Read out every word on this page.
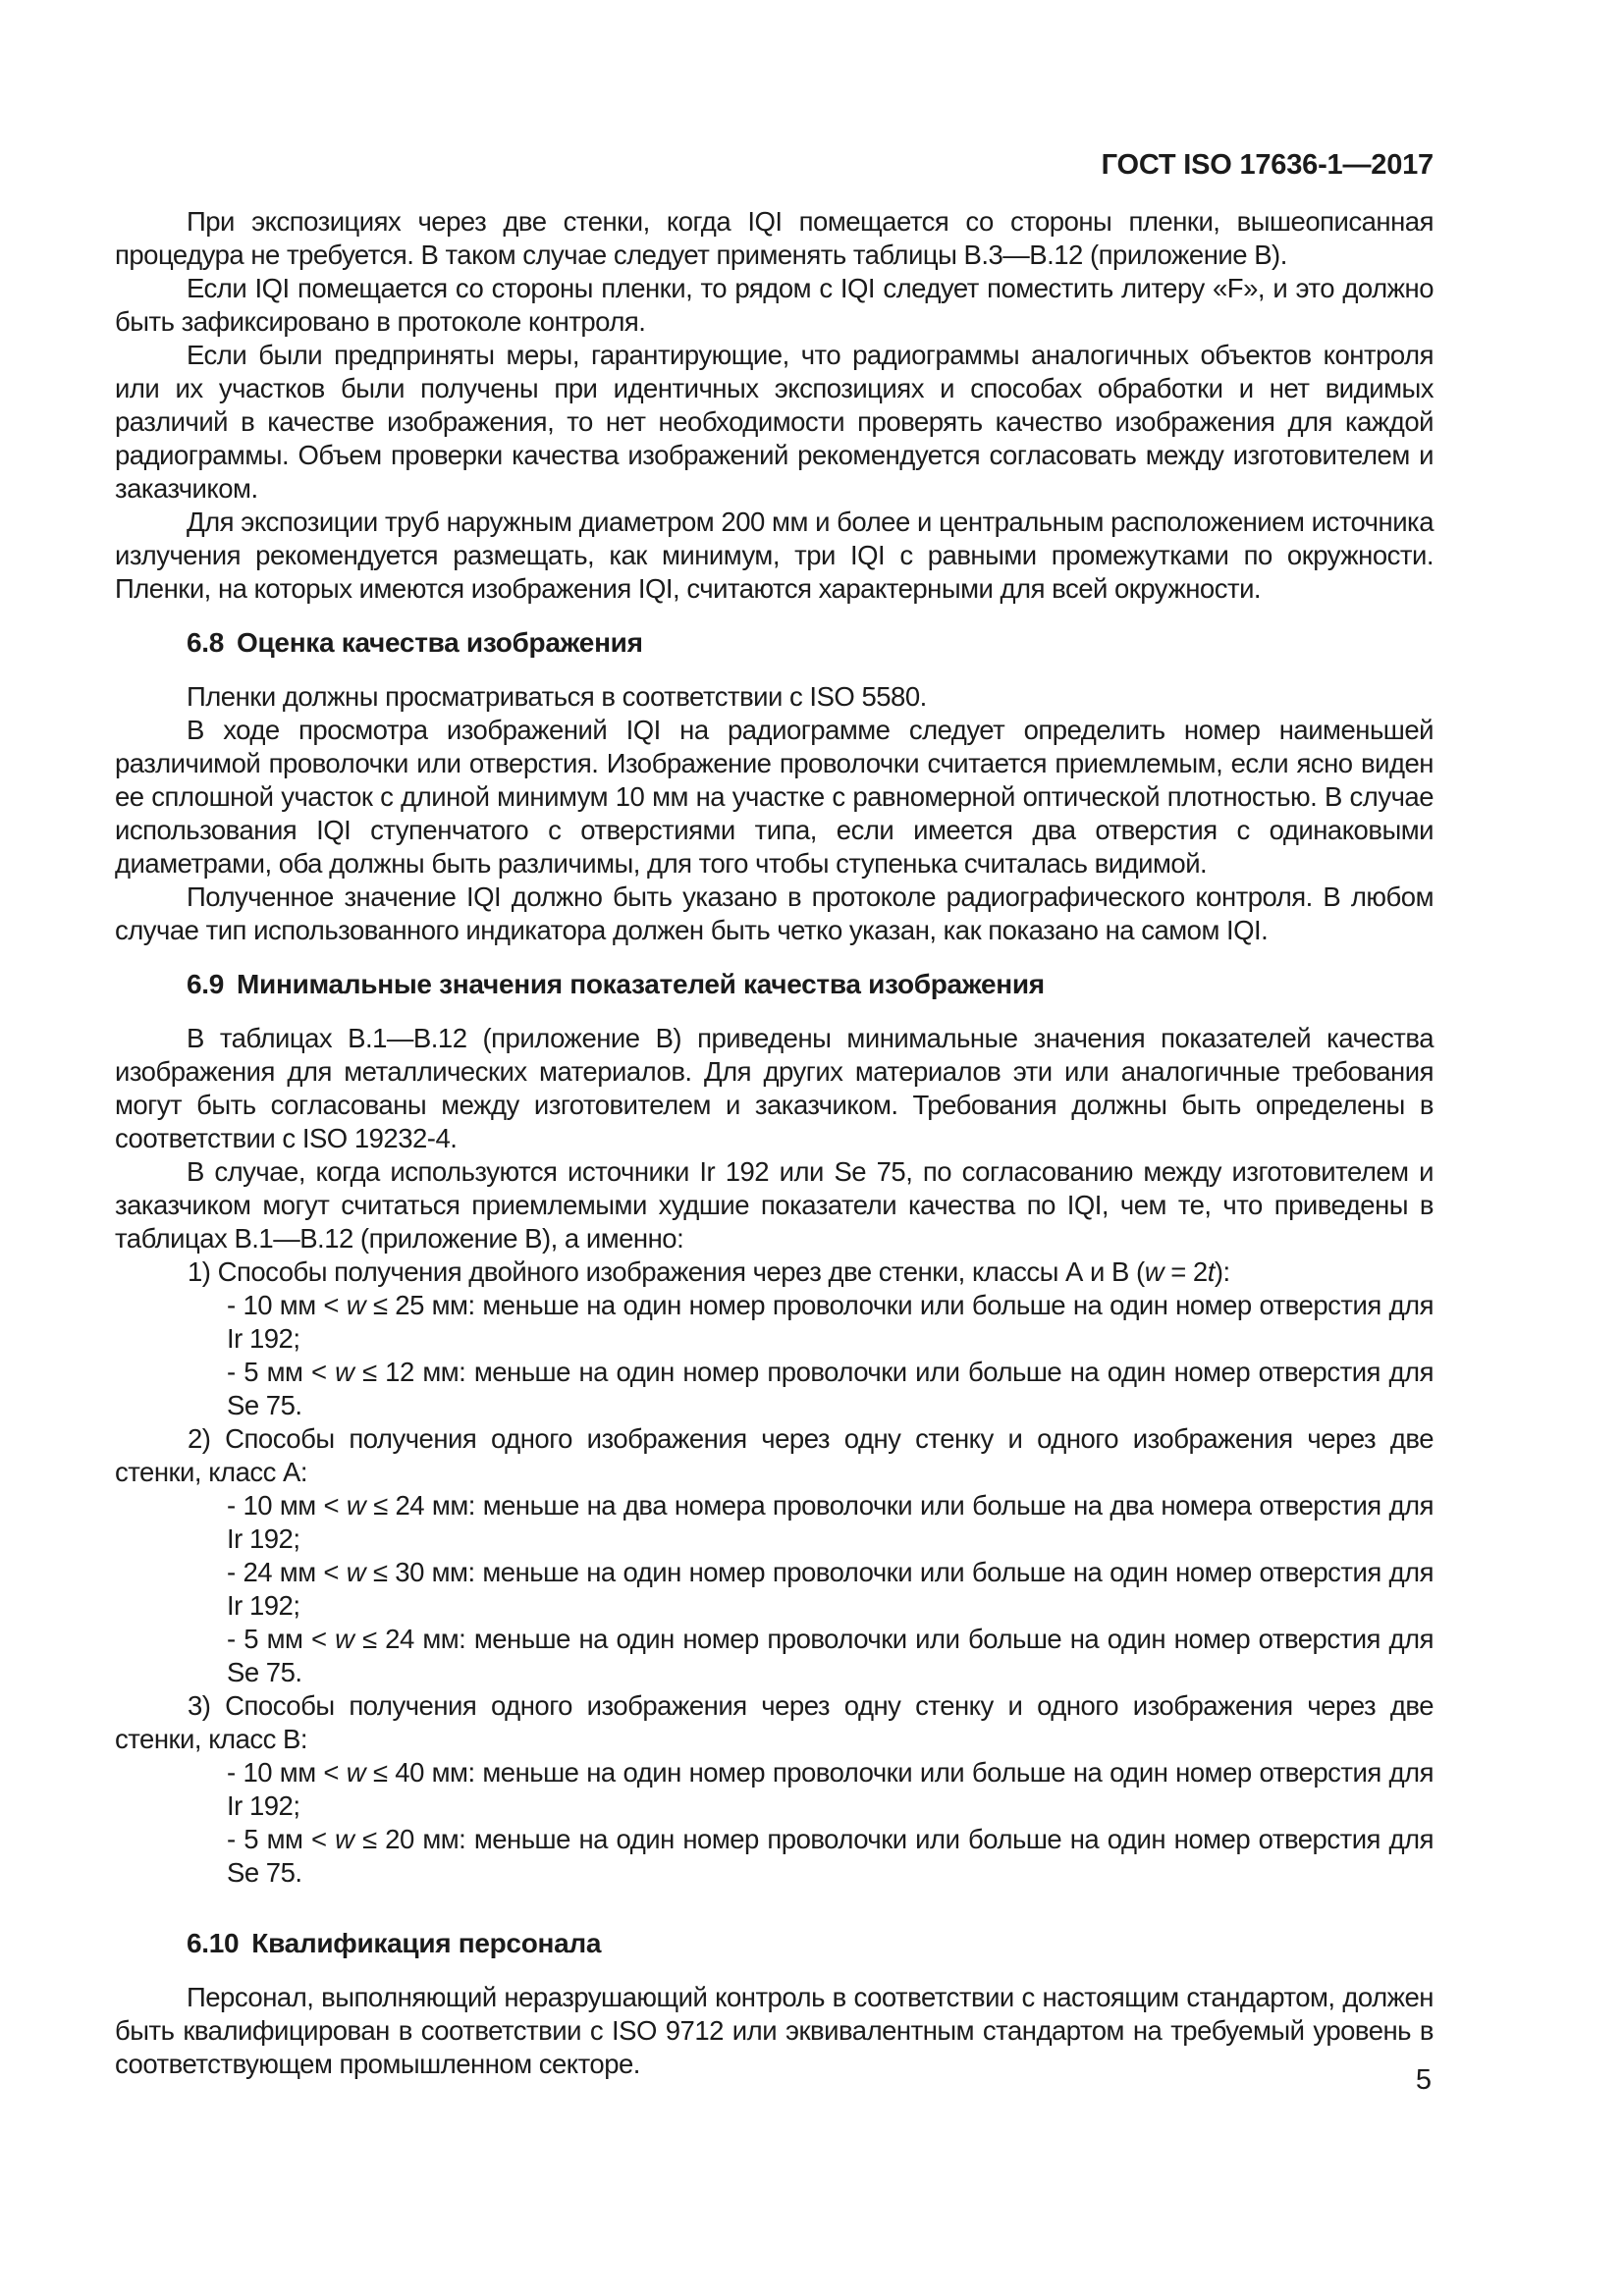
ГОСТ ISO 17636-1—2017

При экспозициях через две стенки, когда IQI помещается со стороны пленки, вышеописанная процедура не требуется. В таком случае следует применять таблицы В.3—В.12 (приложение В).

Если IQI помещается со стороны пленки, то рядом с IQI следует поместить литеру «F», и это должно быть зафиксировано в протоколе контроля.

Если были предприняты меры, гарантирующие, что радиограммы аналогичных объектов контроля или их участков были получены при идентичных экспозициях и способах обработки и нет видимых различий в качестве изображения, то нет необходимости проверять качество изображения для каждой радиограммы. Объем проверки качества изображений рекомендуется согласовать между изготовителем и заказчиком.

Для экспозиции труб наружным диаметром 200 мм и более и центральным расположением источника излучения рекомендуется размещать, как минимум, три IQI с равными промежутками по окружности. Пленки, на которых имеются изображения IQI, считаются характерными для всей окружности.

6.8 Оценка качества изображения

Пленки должны просматриваться в соответствии с ISO 5580.

В ходе просмотра изображений IQI на радиограмме следует определить номер наименьшей различимой проволочки или отверстия. Изображение проволочки считается приемлемым, если ясно виден ее сплошной участок с длиной минимум 10 мм на участке с равномерной оптической плотностью. В случае использования IQI ступенчатого с отверстиями типа, если имеется два отверстия с одинаковыми диаметрами, оба должны быть различимы, для того чтобы ступенька считалась видимой.

Полученное значение IQI должно быть указано в протоколе радиографического контроля. В любом случае тип использованного индикатора должен быть четко указан, как показано на самом IQI.

6.9 Минимальные значения показателей качества изображения

В таблицах В.1—В.12 (приложение В) приведены минимальные значения показателей качества изображения для металлических материалов. Для других материалов эти или аналогичные требования могут быть согласованы между изготовителем и заказчиком. Требования должны быть определены в соответствии с ISO 19232-4.

В случае, когда используются источники Ir 192 или Se 75, по согласованию между изготовителем и заказчиком могут считаться приемлемыми худшие показатели качества по IQI, чем те, что приведены в таблицах В.1—В.12 (приложение В), а именно:

1) Способы получения двойного изображения через две стенки, классы А и В (w = 2t):

- 10 мм < w ≤ 25 мм: меньше на один номер проволочки или больше на один номер отверстия для Ir 192;

- 5 мм < w ≤ 12 мм: меньше на один номер проволочки или больше на один номер отверстия для Se 75.

2) Способы получения одного изображения через одну стенку и одного изображения через две стенки, класс А:

- 10 мм < w ≤ 24 мм: меньше на два номера проволочки или больше на два номера отверстия для Ir 192;

- 24 мм < w ≤ 30 мм: меньше на один номер проволочки или больше на один номер отверстия для Ir 192;

- 5 мм < w ≤ 24 мм: меньше на один номер проволочки или больше на один номер отверстия для Se 75.

3) Способы получения одного изображения через одну стенку и одного изображения через две стенки, класс В:

- 10 мм < w ≤ 40 мм: меньше на один номер проволочки или больше на один номер отверстия для Ir 192;

- 5 мм < w ≤ 20 мм: меньше на один номер проволочки или больше на один номер отверстия для Se 75.

6.10 Квалификация персонала

Персонал, выполняющий неразрушающий контроль в соответствии с настоящим стандартом, должен быть квалифицирован в соответствии с ISO 9712 или эквивалентным стандартом на требуемый уровень в соответствующем промышленном секторе.

5
